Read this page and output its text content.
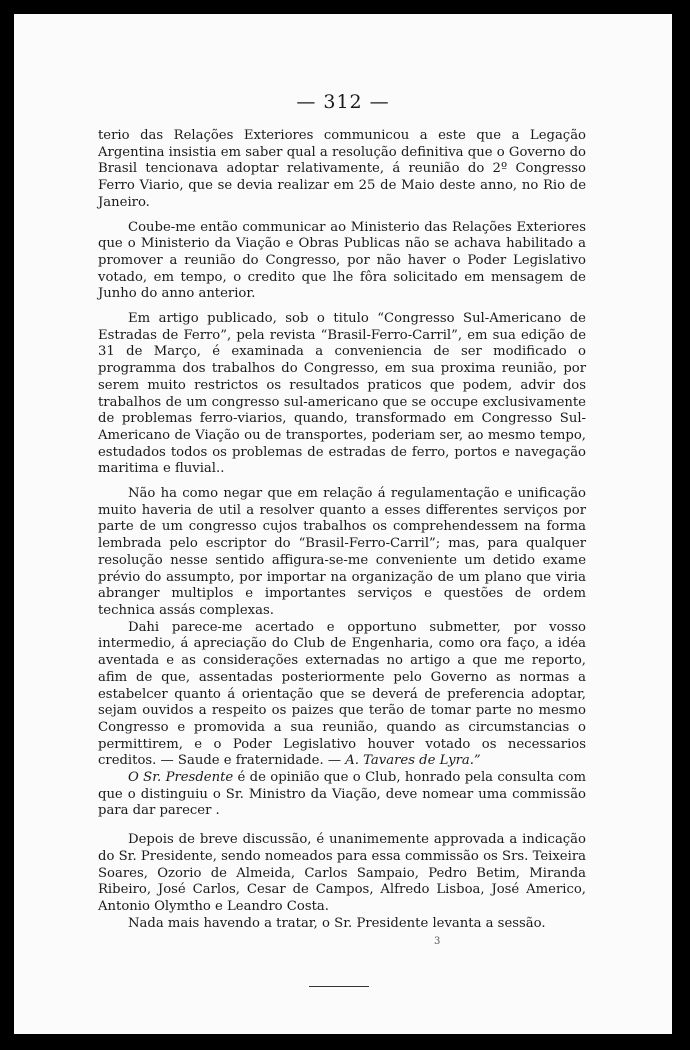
— 312 —

terio das Relações Exteriores communicou a este que a Legação Argentina insistia em saber qual a resolução definitiva que o Governo do Brasil tencionava adoptar relativamente, á reunião do 2º Congresso Ferro Viario, que se devia realizar em 25 de Maio deste anno, no Rio de Janeiro.

Coube-me então communicar ao Ministerio das Relações Exteriores que o Ministerio da Viação e Obras Publicas não se achava habilitado a promover a reunião do Congresso, por não haver o Poder Legislativo votado, em tempo, o credito que lhe fôra solicitado em mensagem de Junho do anno anterior.

Em artigo publicado, sob o titulo “Congresso Sul-Americano de Estradas de Ferro”, pela revista “Brasil-Ferro-Carril”, em sua edição de 31 de Março, é examinada a conveniencia de ser modificado o programma dos trabalhos do Congresso, em sua proxima reunião, por serem muito restrictos os resultados praticos que podem, advir dos trabalhos de um congresso sul-americano que se occupe exclusivamente de problemas ferro-viarios, quando, transformado em Congresso Sul-Americano de Viação ou de transportes, poderiam ser, ao mesmo tempo, estudados todos os problemas de estradas de ferro, portos e navegação maritima e fluvial..

Não ha como negar que em relação á regulamentação e unificação muito haveria de util a resolver quanto a esses differentes serviços por parte de um congresso cujos trabalhos os comprehendessem na forma lembrada pelo escriptor do “Brasil-Ferro-Carril”; mas, para qualquer resolução nesse sentido affigura-se-me conveniente um detido exame prévio do assumpto, por importar na organização de um plano que viria abranger multiplos e importantes serviços e questões de ordem technica assás complexas.

Dahi parece-me acertado e opportuno submetter, por vosso intermedio, á apreciação do Club de Engenharia, como ora faço, a idéa aventada e as considerações externadas no artigo a que me reporto, afim de que, assentadas posteriormente pelo Governo as normas a estabelcer quanto á orientação que se deverá de preferencia adoptar, sejam ouvidos a respeito os paizes que terão de tomar parte no mesmo Congresso e promovida a sua reunião, quando as circumstancias o permittirem, e o Poder Legislativo houver votado os necessarios creditos. — Saude e fraternidade. — A. Tavares de Lyra.”

O Sr. Presdente é de opinião que o Club, honrado pela consulta com que o distinguiu o Sr. Ministro da Viação, deve nomear uma commissão para dar parecer .

Depois de breve discussão, é unanimemente approvada a indicação do Sr. Presidente, sendo nomeados para essa commissão os Srs. Teixeira Soares, Ozorio de Almeida, Carlos Sampaio, Pedro Betim, Miranda Ribeiro, José Carlos, Cesar de Campos, Alfredo Lisboa, José Americo, Antonio Olymtho e Leandro Costa.

Nada mais havendo a tratar, o Sr. Presidente levanta a sessão.

3
